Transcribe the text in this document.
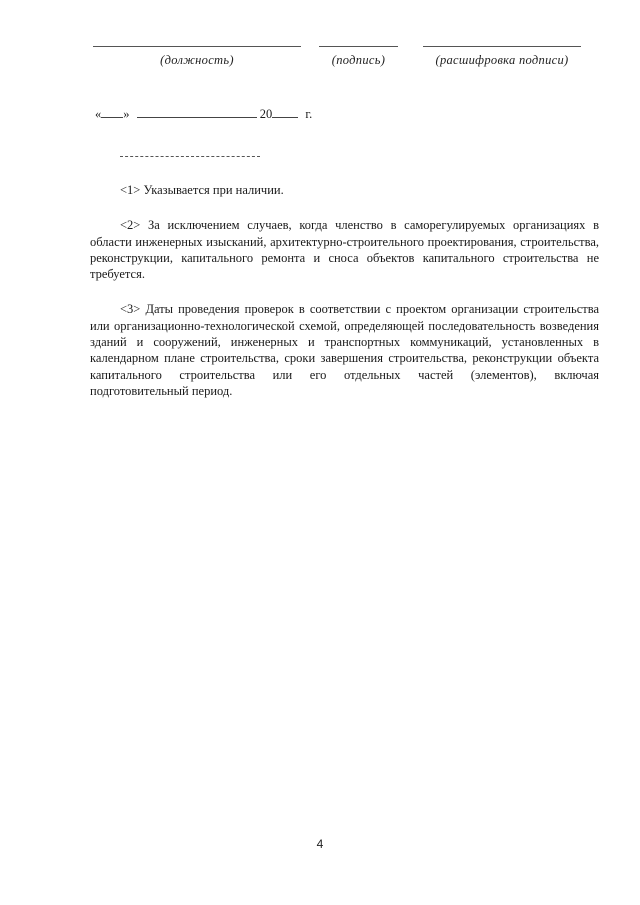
(должность)	(подпись)	(расшифровка подписи)
« »	20	г.

<1> Указывается при наличии.

<2> За исключением случаев, когда членство в саморегулируемых организациях в области инженерных изысканий, архитектурно-строительного проектирования, строительства, реконструкции, капитального ремонта и сноса объектов капитального строительства не требуется.

<3> Даты проведения проверок в соответствии с проектом организации строительства или организационно-технологической схемой, определяющей последовательность возведения зданий и сооружений, инженерных и транспортных коммуникаций, установленных в календарном плане строительства, сроки завершения строительства, реконструкции объекта капитального строительства или его отдельных частей (элементов), включая подготовительный период.

4
